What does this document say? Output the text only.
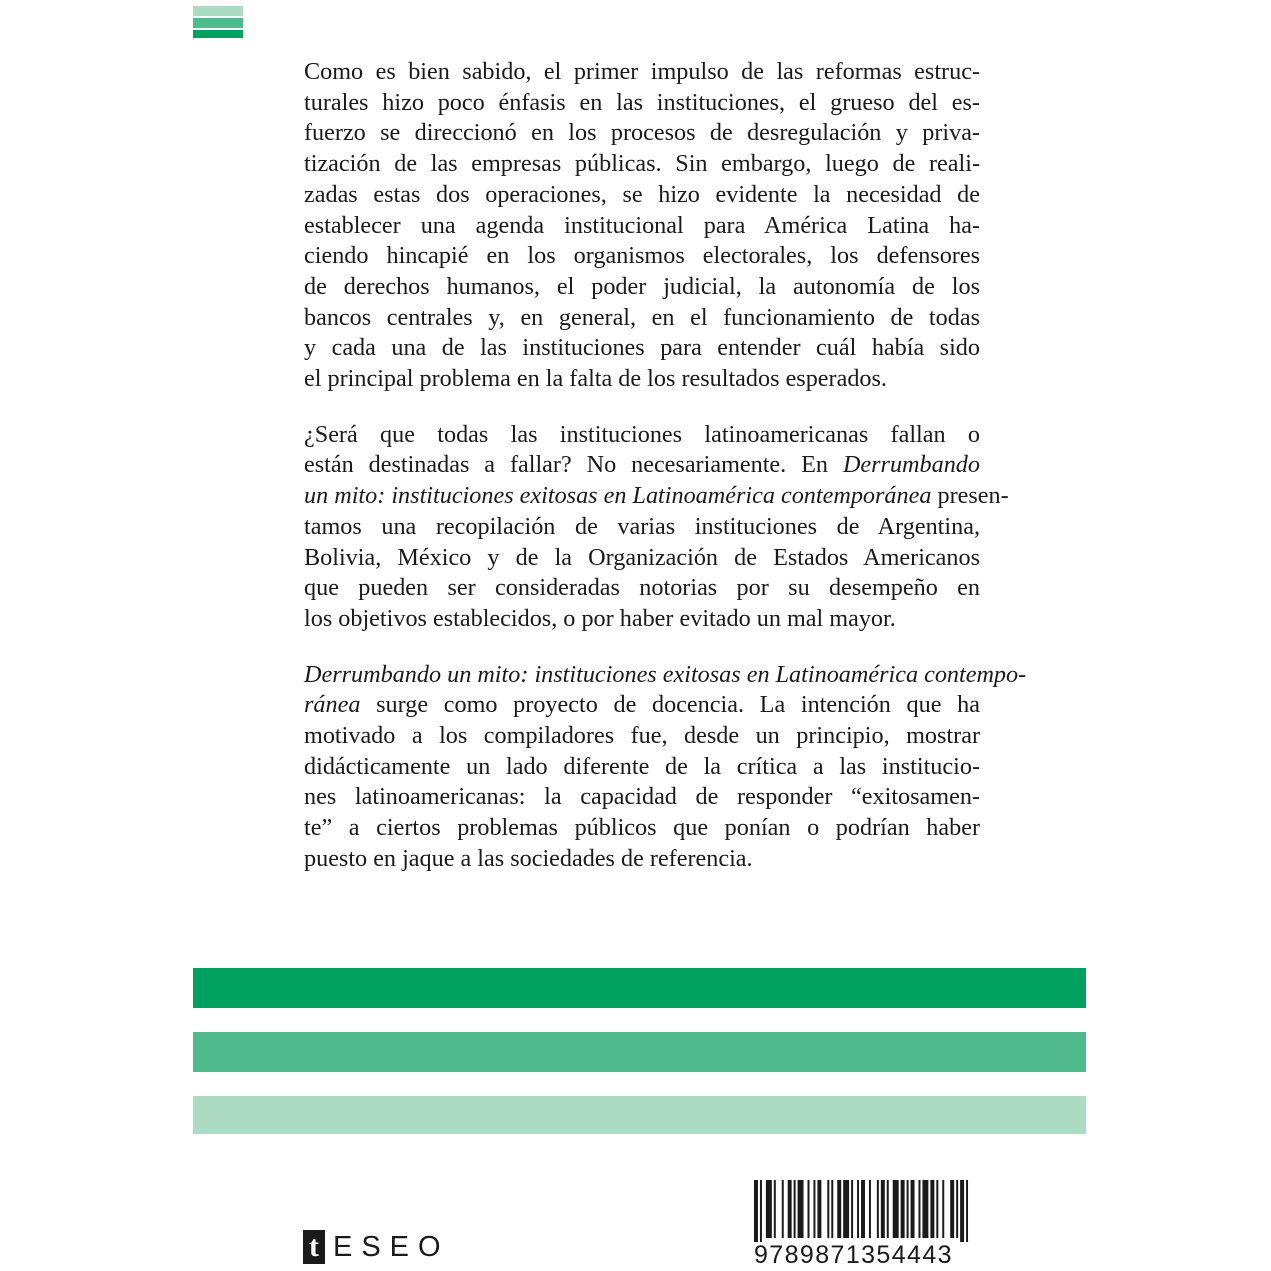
Como es bien sabido, el primer impulso de las reformas estruc-
turales hizo poco énfasis en las instituciones, el grueso del es-
fuerzo se direccionó en los procesos de desregulación y priva-
tización de las empresas públicas. Sin embargo, luego de reali-
zadas estas dos operaciones, se hizo evidente la necesidad de
establecer una agenda institucional para América Latina ha-
ciendo hincapié en los organismos electorales, los defensores
de derechos humanos, el poder judicial, la autonomía de los
bancos centrales y, en general, en el funcionamiento de todas
y cada una de las instituciones para entender cuál había sido
el principal problema en la falta de los resultados esperados.
¿Será que todas las instituciones latinoamericanas fallan o
están destinadas a fallar? No necesariamente. En Derrumbando
un mito: instituciones exitosas en Latinoamérica contemporánea presen-
tamos una recopilación de varias instituciones de Argentina,
Bolivia, México y de la Organización de Estados Americanos
que pueden ser consideradas notorias por su desempeño en
los objetivos establecidos, o por haber evitado un mal mayor.
Derrumbando un mito: instituciones exitosas en Latinoamérica contempo-
ránea surge como proyecto de docencia. La intención que ha
motivado a los compiladores fue, desde un principio, mostrar
didácticamente un lado diferente de la crítica a las institucio-
nes latinoamericanas: la capacidad de responder “exitosamen-
te” a ciertos problemas públicos que ponían o podrían haber
puesto en jaque a las sociedades de referencia.
t ESEO	9789871354443
